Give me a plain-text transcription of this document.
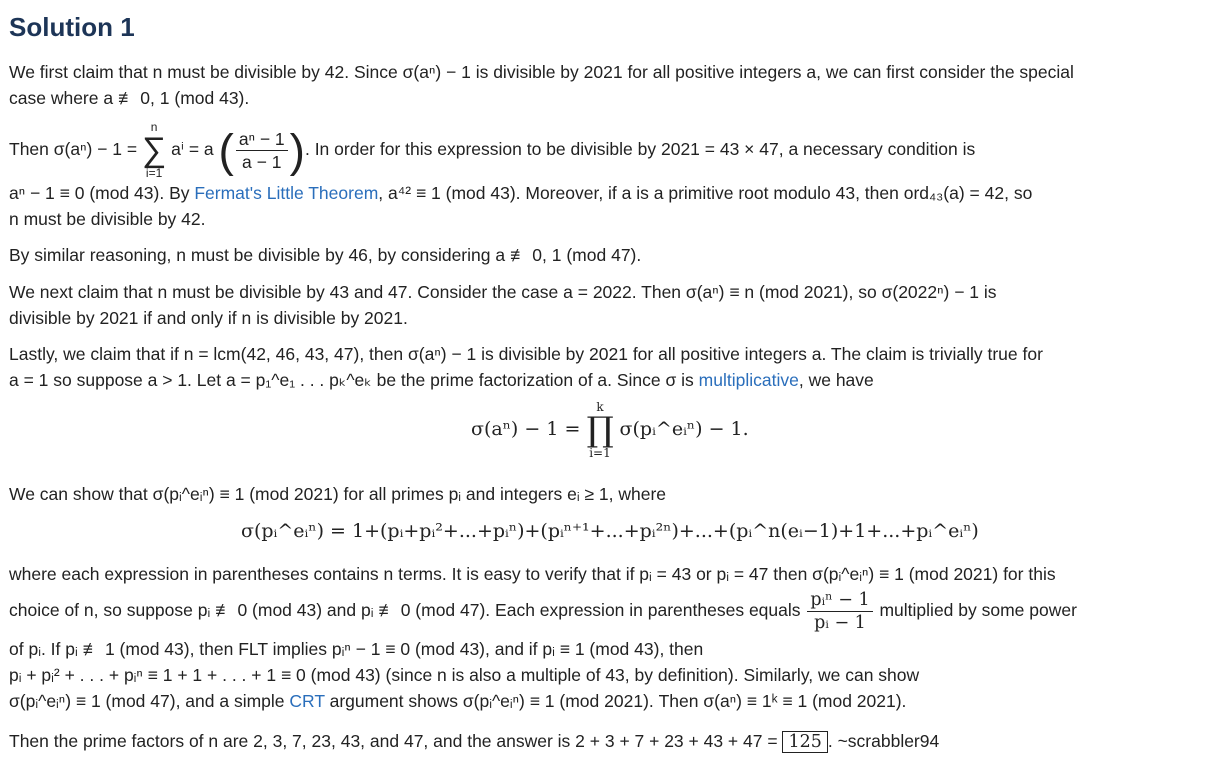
Solution 1
We first claim that n must be divisible by 42. Since σ(aⁿ) − 1 is divisible by 2021 for all positive integers a, we can first consider the special
case where a ≢ 0, 1 (mod 43).
Then σ(aⁿ) − 1 = n
∑
i=1 aⁱ = a ( $\frac{\text{aⁿ − 1}}{a - 1}$ ). In order for this expression to be divisible by 2021 = 43 × 47, a necessary condition is
aⁿ − 1 ≡ 0 (mod 43). By Fermat's Little Theorem, a⁴² ≡ 1 (mod 43). Moreover, if a is a primitive root modulo 43, then ord₄₃(a) = 42, so
n must be divisible by 42.
By similar reasoning, n must be divisible by 46, by considering a ≢ 0, 1 (mod 47).
We next claim that n must be divisible by 43 and 47. Consider the case a = 2022. Then σ(aⁿ) ≡ n (mod 2021), so σ(2022ⁿ) − 1 is
divisible by 2021 if and only if n is divisible by 2021.
Lastly, we claim that if n = lcm(42, 46, 43, 47), then σ(aⁿ) − 1 is divisible by 2021 for all positive integers a. The claim is trivially true for
a = 1 so suppose a > 1. Let a = p₁^e₁ . . . pₖ^eₖ be the prime factorization of a. Since σ is multiplicative, we have
σ(aⁿ) − 1 = k
∏
i=1 σ(pᵢ^eᵢⁿ) − 1.
We can show that σ(pᵢ^eᵢⁿ) ≡ 1 (mod 2021) for all primes pᵢ and integers eᵢ ≥ 1, where
σ(pᵢ^eᵢⁿ) = 1+(pᵢ+pᵢ²+...+pᵢⁿ)+(pᵢⁿ⁺¹+...+pᵢ²ⁿ)+...+(pᵢ^n(eᵢ−1)+1+...+pᵢ^eᵢⁿ)
where each expression in parentheses contains n terms. It is easy to verify that if pᵢ = 43 or pᵢ = 47 then σ(pᵢ^eᵢⁿ) ≡ 1 (mod 2021) for this
choice of n, so suppose pᵢ ≢ 0 (mod 43) and pᵢ ≢ 0 (mod 47). Each expression in parentheses equals $\frac{\text{pᵢⁿ − 1}}{\text{pᵢ − 1}}$ multiplied by some power
of pᵢ. If pᵢ ≢ 1 (mod 43), then FLT implies pᵢⁿ − 1 ≡ 0 (mod 43), and if pᵢ ≡ 1 (mod 43), then
pᵢ + pᵢ² + . . . + pᵢⁿ ≡ 1 + 1 + . . . + 1 ≡ 0 (mod 43) (since n is also a multiple of 43, by definition). Similarly, we can show
σ(pᵢ^eᵢⁿ) ≡ 1 (mod 47), and a simple CRT argument shows σ(pᵢ^eᵢⁿ) ≡ 1 (mod 2021). Then σ(aⁿ) ≡ 1ᵏ ≡ 1 (mod 2021).
Then the prime factors of n are 2, 3, 7, 23, 43, and 47, and the answer is 2 + 3 + 7 + 23 + 43 + 47 = 125 . ~scrabbler94
